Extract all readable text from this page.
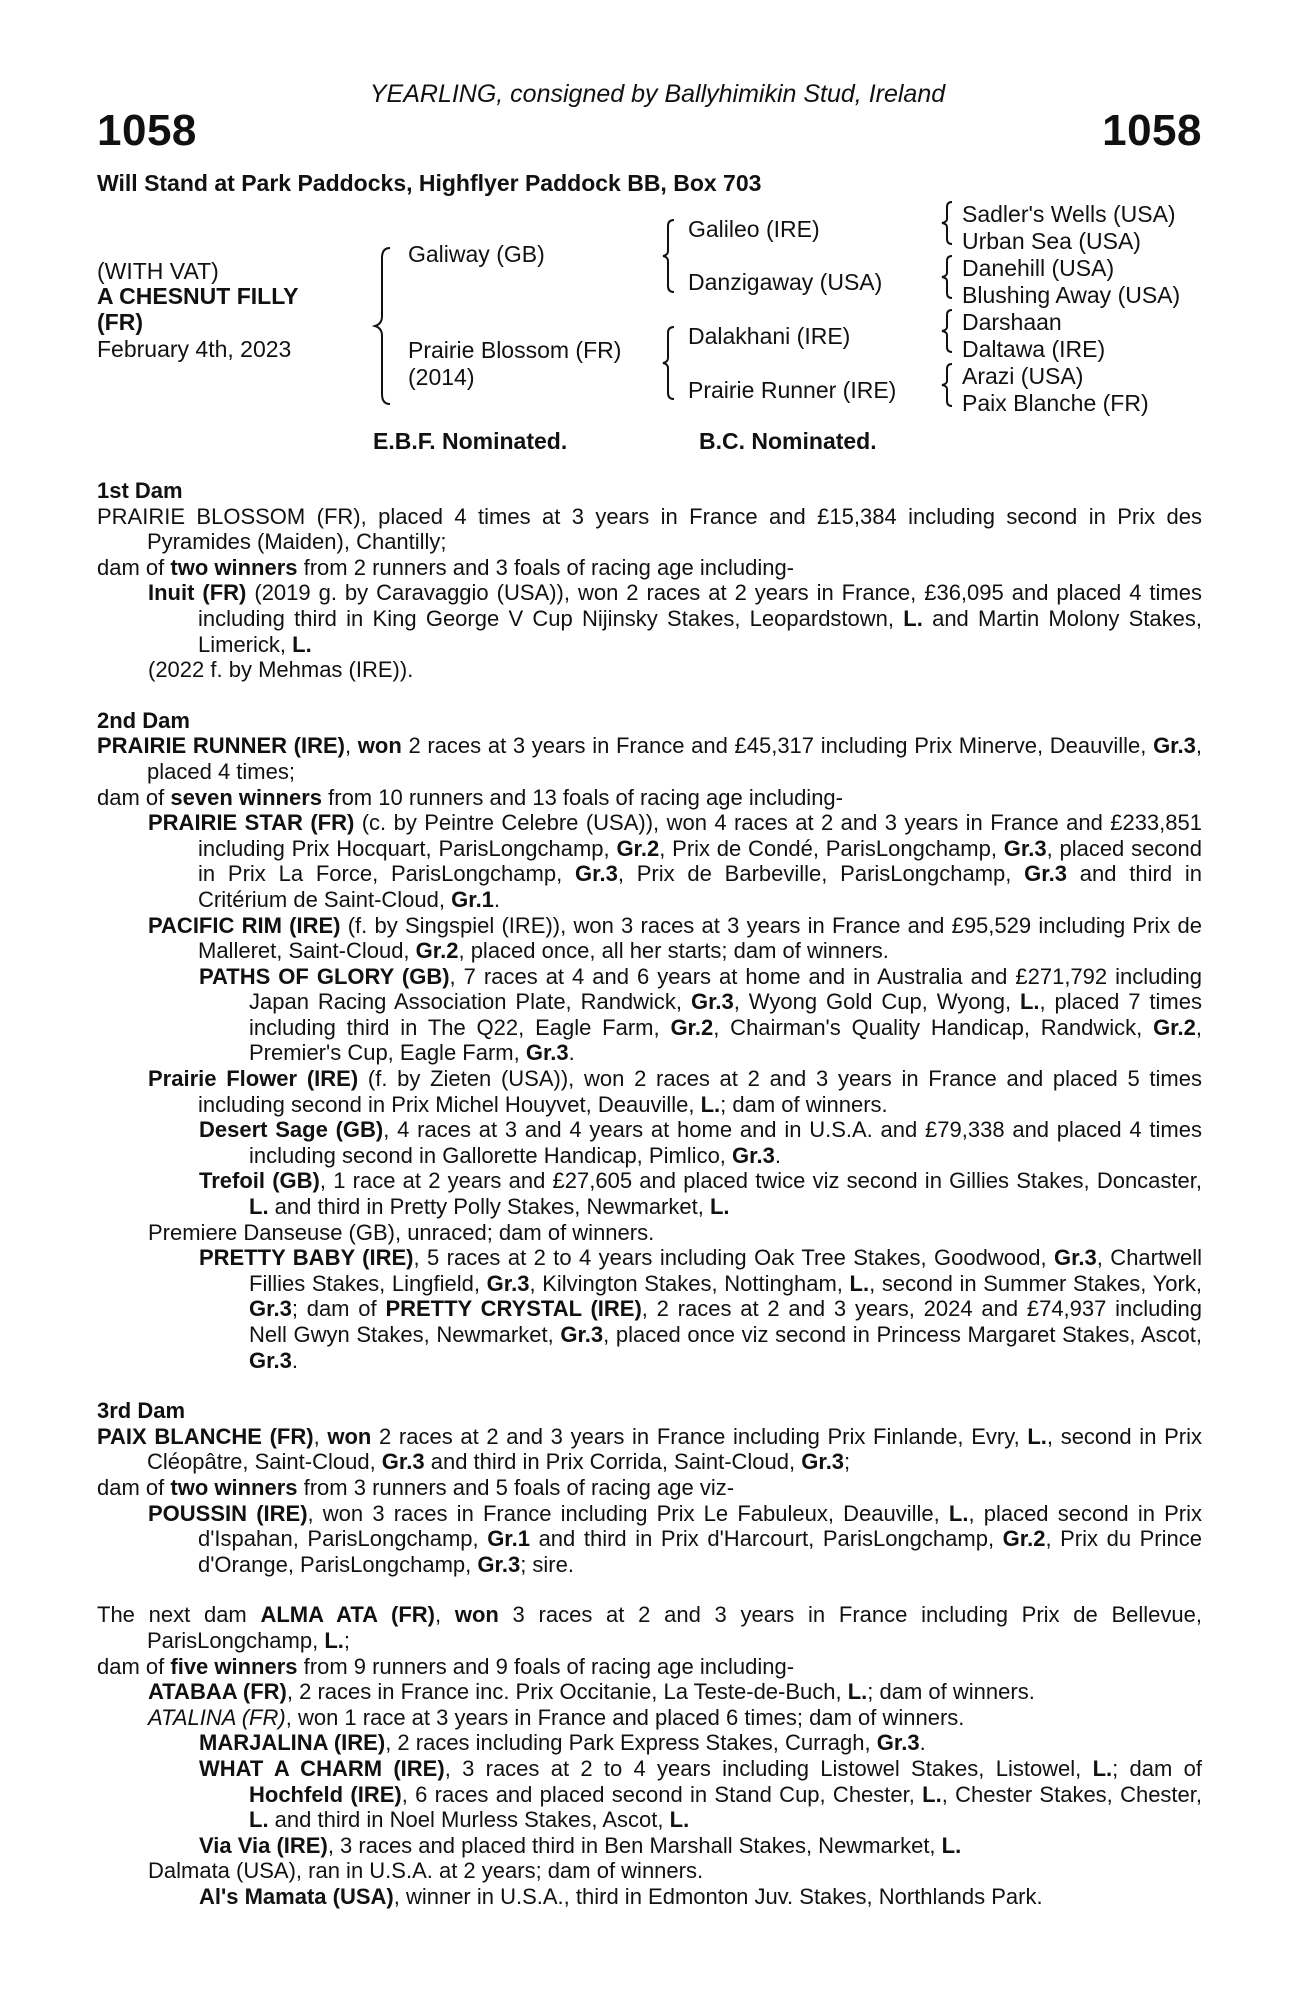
YEARLING, consigned by Ballyhimikin Stud, Ireland
1058	1058
Will Stand at Park Paddocks, Highflyer Paddock BB, Box 703
(WITH VAT)
A CHESNUT FILLY
(FR)
February 4th, 2023
Galiway (GB)
Prairie Blossom (FR)
(2014)
Galileo (IRE)
Danzigaway (USA)
Dalakhani (IRE)
Prairie Runner (IRE)
Sadler's Wells (USA)
Urban Sea (USA)
Danehill (USA)
Blushing Away (USA)
Darshaan
Daltawa (IRE)
Arazi (USA)
Paix Blanche (FR)
E.B.F. Nominated.	B.C. Nominated.
1st Dam
PRAIRIE BLOSSOM (FR), placed 4 times at 3 years in France and £15,384 including second in Prix des Pyramides (Maiden), Chantilly;
dam of two winners from 2 runners and 3 foals of racing age including-
Inuit (FR) (2019 g. by Caravaggio (USA)), won 2 races at 2 years in France, £36,095 and placed 4 times including third in King George V Cup Nijinsky Stakes, Leopardstown, L. and Martin Molony Stakes, Limerick, L.
(2022 f. by Mehmas (IRE)).
2nd Dam
PRAIRIE RUNNER (IRE), won 2 races at 3 years in France and £45,317 including Prix Minerve, Deauville, Gr.3, placed 4 times;
dam of seven winners from 10 runners and 13 foals of racing age including-
PRAIRIE STAR (FR) (c. by Peintre Celebre (USA)), won 4 races at 2 and 3 years in France and £233,851 including Prix Hocquart, ParisLongchamp, Gr.2, Prix de Condé, ParisLongchamp, Gr.3, placed second in Prix La Force, ParisLongchamp, Gr.3, Prix de Barbeville, ParisLongchamp, Gr.3 and third in Critérium de Saint-Cloud, Gr.1.
PACIFIC RIM (IRE) (f. by Singspiel (IRE)), won 3 races at 3 years in France and £95,529 including Prix de Malleret, Saint-Cloud, Gr.2, placed once, all her starts; dam of winners.
PATHS OF GLORY (GB), 7 races at 4 and 6 years at home and in Australia and £271,792 including Japan Racing Association Plate, Randwick, Gr.3, Wyong Gold Cup, Wyong, L., placed 7 times including third in The Q22, Eagle Farm, Gr.2, Chairman's Quality Handicap, Randwick, Gr.2, Premier's Cup, Eagle Farm, Gr.3.
Prairie Flower (IRE) (f. by Zieten (USA)), won 2 races at 2 and 3 years in France and placed 5 times including second in Prix Michel Houyvet, Deauville, L.; dam of winners.
Desert Sage (GB), 4 races at 3 and 4 years at home and in U.S.A. and £79,338 and placed 4 times including second in Gallorette Handicap, Pimlico, Gr.3.
Trefoil (GB), 1 race at 2 years and £27,605 and placed twice viz second in Gillies Stakes, Doncaster, L. and third in Pretty Polly Stakes, Newmarket, L.
Premiere Danseuse (GB), unraced; dam of winners.
PRETTY BABY (IRE), 5 races at 2 to 4 years including Oak Tree Stakes, Goodwood, Gr.3, Chartwell Fillies Stakes, Lingfield, Gr.3, Kilvington Stakes, Nottingham, L., second in Summer Stakes, York, Gr.3; dam of PRETTY CRYSTAL (IRE), 2 races at 2 and 3 years, 2024 and £74,937 including Nell Gwyn Stakes, Newmarket, Gr.3, placed once viz second in Princess Margaret Stakes, Ascot, Gr.3.
3rd Dam
PAIX BLANCHE (FR), won 2 races at 2 and 3 years in France including Prix Finlande, Evry, L., second in Prix Cléopâtre, Saint-Cloud, Gr.3 and third in Prix Corrida, Saint-Cloud, Gr.3;
dam of two winners from 3 runners and 5 foals of racing age viz-
POUSSIN (IRE), won 3 races in France including Prix Le Fabuleux, Deauville, L., placed second in Prix d'Ispahan, ParisLongchamp, Gr.1 and third in Prix d'Harcourt, ParisLongchamp, Gr.2, Prix du Prince d'Orange, ParisLongchamp, Gr.3; sire.
The next dam ALMA ATA (FR), won 3 races at 2 and 3 years in France including Prix de Bellevue, ParisLongchamp, L.;
dam of five winners from 9 runners and 9 foals of racing age including-
ATABAA (FR), 2 races in France inc. Prix Occitanie, La Teste-de-Buch, L.; dam of winners.
ATALINA (FR), won 1 race at 3 years in France and placed 6 times; dam of winners.
MARJALINA (IRE), 2 races including Park Express Stakes, Curragh, Gr.3.
WHAT A CHARM (IRE), 3 races at 2 to 4 years including Listowel Stakes, Listowel, L.; dam of Hochfeld (IRE), 6 races and placed second in Stand Cup, Chester, L., Chester Stakes, Chester, L. and third in Noel Murless Stakes, Ascot, L.
Via Via (IRE), 3 races and placed third in Ben Marshall Stakes, Newmarket, L.
Dalmata (USA), ran in U.S.A. at 2 years; dam of winners.
Al's Mamata (USA), winner in U.S.A., third in Edmonton Juv. Stakes, Northlands Park.
